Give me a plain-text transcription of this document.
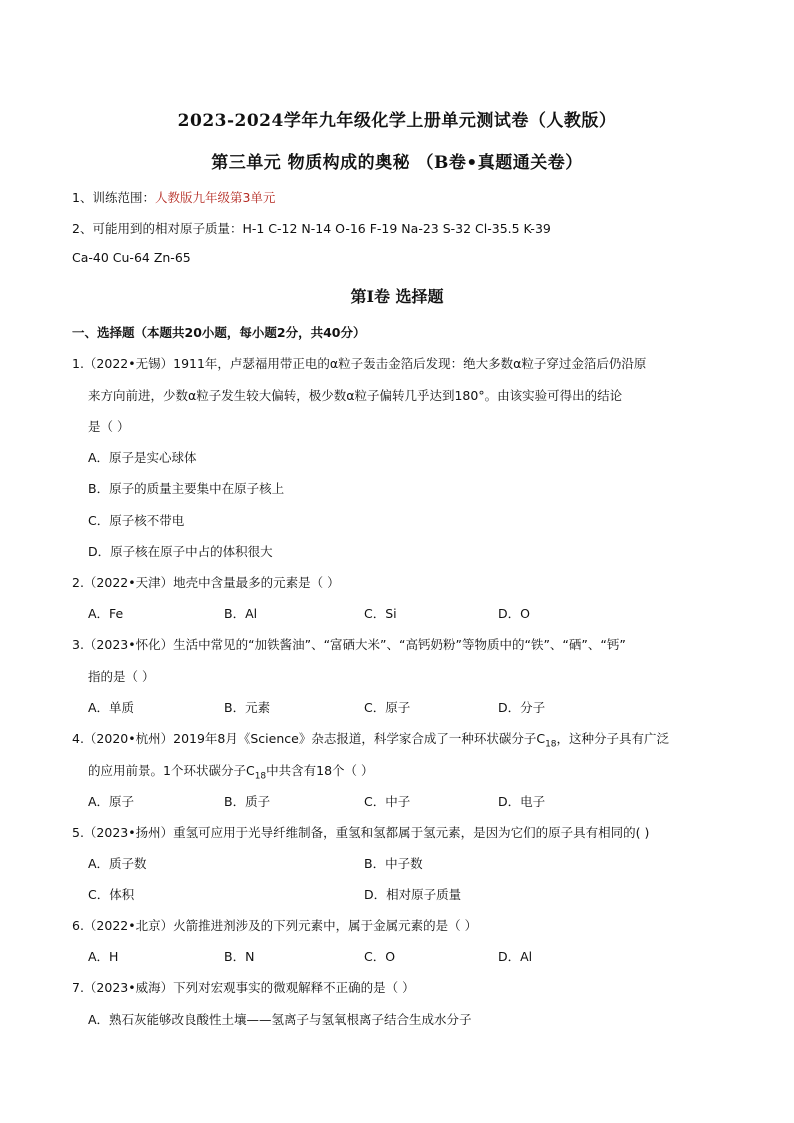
2023-2024学年九年级化学上册单元测试卷（人教版）
第三单元 物质构成的奥秘 （B卷•真题通关卷）
1、训练范围：人教版九年级第3单元
2、可能用到的相对原子质量：H-1 C-12 N-14 O-16 F-19 Na-23 S-32 Cl-35.5 K-39
Ca-40 Cu-64 Zn-65
第Ⅰ卷 选择题
一、选择题（本题共20小题，每小题2分，共40分）
1.（2022•无锡）1911年，卢瑟福用带正电的α粒子轰击金箔后发现：绝大多数α粒子穿过金箔后仍沿原
来方向前进，少数α粒子发生较大偏转，极少数α粒子偏转几乎达到180°。由该实验可得出的结论
是（ ）
A．原子是实心球体
B．原子的质量主要集中在原子核上
C．原子核不带电
D．原子核在原子中占的体积很大
2.（2022•天津）地壳中含量最多的元素是（ ）
A．Fe	B．Al	C．Si	D．O
3.（2023•怀化）生活中常见的“加铁酱油”、“富硒大米”、“高钙奶粉”等物质中的“铁”、“硒”、“钙”
指的是（ ）
A．单质	B．元素	C．原子	D．分子
4.（2020•杭州）2019年8月《Science》杂志报道，科学家合成了一种环状碳分子$C_{18}$，这种分子具有广泛
的应用前景。1个环状碳分子$C_{18}$中共含有18个（ ）
A．原子	B．质子	C．中子	D．电子
5.（2023•扬州）重氢可应用于光导纤维制备，重氢和氢都属于氢元素，是因为它们的原子具有相同的( )
A．质子数	B．中子数
C．体积	D．相对原子质量
6.（2022•北京）火箭推进剂涉及的下列元素中，属于金属元素的是（ ）
A．H	B．N	C．O	D．Al
7.（2023•威海）下列对宏观事实的微观解释不正确的是（ ）
A．熟石灰能够改良酸性土壤——氢离子与氢氧根离子结合生成水分子
